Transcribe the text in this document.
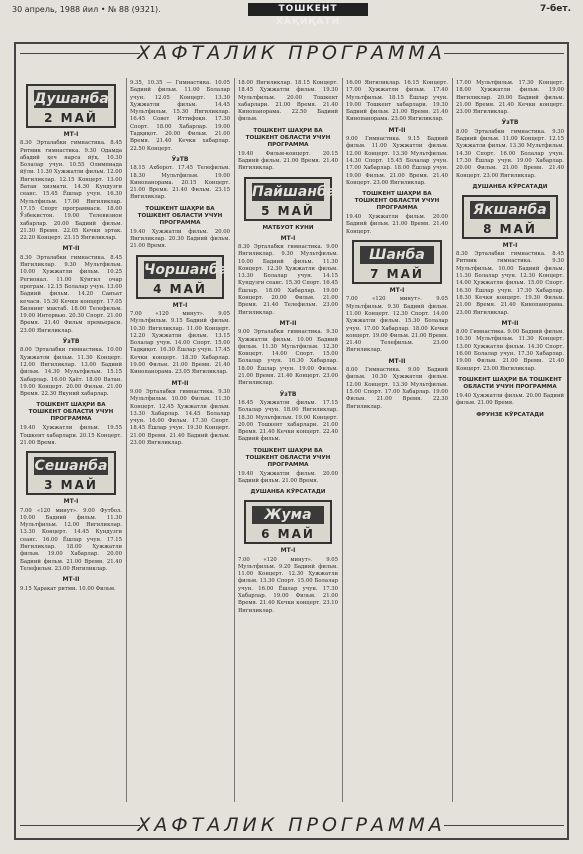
30 апрель, 1988 йил • № 88 (9321).	ТОШКЕНТ ХАҚИҚАТИ
7-бет.
ХАФТАЛИК ПРОГРАММА
ХАФТАЛИК ПРОГРАММА
Душанба
2 МАЙ
МТ-I

8.30 Эрталабки гимнастика. 8.45 Ритмик гимнастика. 9.30 Одамда абадий ҳеч нарса йўқ. 10.30 Болалар учун. 10.55 Олимпиада йўли. 11.30 Хужжатли фильм. 12.00 Янгиликлар. 12.15 Концерт. 13.00 Ватан хизмати. 14.30 Кундузги сеанс. 15.45 Ёшлар учун. 16.30 Мультфильм. 17.00 Янгиликлар. 17.15 Спорт программаси. 18.00 Ўзбекистон. 19.00 Телевизион хабарлар. 20.00 Бадиий фильм. 21.30 Время. 22.05 Кечки эртак. 22.20 Концерт. 23.15 Янгиликлар.

МТ-II

8.30 Эрталабки гимнастика. 8.45 Янгиликлар. 9.30 Мультфильм. 10.00 Хужжатли фильм. 10.25 Регионал. 11.00 Кўнгил очар програм. 12.15 Болалар учун. 13.00 Бадиий фильм. 14.20 Санъат кечаси. 15.30 Кечки концерт. 17.05 Бизнинг мактаб. 18.00 Телефильм. 19.00 Интервью. 20.30 Спорт. 21.00 Время. 21.40 Фильм премьераси. 23.00 Янгиликлар.

ЎзТВ

8.00 Эрталабки гимнастика. 10.00 Ҳужжатли фильм. 11.30 Концерт. 12.00 Янгиликлар. 13.00 Бадиий фильм. 14.30 Мультфильм. 15.15 Хабарлар. 16.00 Ҳаёт. 18.00 Ватан. 19.00 Концерт. 20.00 Фильм. 21.00 Время. 22.30 Якуний хабарлар.

ТОШКЕНТ ШАҲРИ ВА ТОШКЕНТ ОБЛАСТИ УЧУН ПРОГРАММА

19.40 Ҳужжатли фильм. 19.55 Тошкент хабарлари. 20.15 Концерт. 21.00 Время.

Сешанба
3 МАЙ
МТ-I

7.00 «120 минут». 9.00 Футбол. 10.00 Бадиий фильм. 11.30 Мультфильм. 12.00 Янгиликлар. 13.30 Концерт. 14.45 Кундузги сеанс. 16.00 Ёшлар учун. 17.15 Янгиликлар. 18.00 Ҳужжатли фильм. 19.00 Хабарлар. 20.00 Бадиий фильм. 21.00 Время. 21.40 Телефильм. 23.00 Янгиликлар.

МТ-II

9.15 Ҳаракат ритми. 10.00 Фильм.

9.35, 10.35 — Гимнастика. 10.05 Бадиий фильм. 11.00 Болалар учун. 12.05 Концерт. 13.30 Ҳужжатли фильм. 14.45 Мультфильм. 15.30 Янгиликлар. 16.45 Совет Иттифоқи. 17.30 Спорт. 18.00 Хабарлар. 19.00 Тадқиқот. 20.00 Фильм. 21.00 Время. 21.40 Кечки хабарлар. 22.50 Концерт.

ЎзТВ

18.15 Ахборот. 17.45 Телефильм. 18.30 Мультфильм. 19.00 Кинопанорама. 20.15 Концерт. 21.00 Время. 21.40 Фильм. 23.15 Янгиликлар.

ТОШКЕНТ ШАҲРИ ВА ТОШКЕНТ ОБЛАСТИ УЧУН ПРОГРАММА

19.40 Ҳужжатли фильм. 20.00 Янгиликлар. 20.30 Бадиий фильм. 21.00 Время.

Чоршанба
4 МАЙ
МТ-I

7.00 «120 минут». 9.05 Мультфильм. 9.15 Бадиий фильм. 10.30 Янгиликлар. 11.00 Концерт. 12.20 Ҳужжатли фильм. 13.15 Болалар учун. 14.00 Спорт. 15.00 Тадқиқот. 16.30 Ёшлар учун. 17.45 Кечки концерт. 18.30 Хабарлар. 19.00 Фильм. 21.00 Время. 21.40 Кинопанорама. 23.05 Янгиликлар.

МТ-II

9.00 Эрталабки гимнастика. 9.30 Мультфильм. 10.00 Фильм. 11.30 Концерт. 12.45 Ҳужжатли фильм. 13.30 Хабарлар. 14.45 Болалар учун. 16.00 Фильм. 17.30 Спорт. 18.45 Ёшлар учун. 19.30 Концерт. 21.00 Время. 21.40 Бадиий фильм. 23.00 Янгиликлар.

18.00 Янгиликлар. 18.15 Концерт. 18.45 Ҳужжатли фильм. 19.30 Мультфильм. 20.00 Тошкент хабарлари. 21.00 Время. 21.40 Кинопанорама. 22.50 Бадиий фильм.

ТОШКЕНТ ШАҲРИ ВА ТОШКЕНТ ОБЛАСТИ УЧУН ПРОГРАММА

19.40 Фильм-концерт. 20.15 Бадиий фильм. 21.00 Время. 21.40 Янгиликлар.

Пайшанба
5 МАЙ
МАТБУОТ КУНИ
МТ-I

8.30 Эрталабки гимнастика. 9.00 Янгиликлар. 9.30 Мультфильм. 10.00 Бадиий фильм. 11.30 Концерт. 12.30 Ҳужжатли фильм. 13.30 Болалар учун. 14.15 Кундузги сеанс. 15.30 Спорт. 16.45 Ёшлар. 18.00 Хабарлар. 19.00 Концерт. 20.00 Фильм. 21.00 Время. 21.40 Телефильм. 23.00 Янгиликлар.

МТ-II

9.00 Эрталабки гимнастика. 9.30 Ҳужжатли фильм. 10.00 Бадиий фильм. 11.30 Мультфильм. 12.30 Концерт. 14.00 Спорт. 15.00 Болалар учун. 16.30 Хабарлар. 18.00 Ёшлар учун. 19.00 Фильм. 21.00 Время. 21.40 Концерт. 23.00 Янгиликлар.

ЎзТВ

16.45 Хужжатли фильм. 17.15 Болалар учун. 18.00 Янгиликлар. 18.30 Мультфильм. 19.00 Концерт. 20.00 Тошкент хабарлари. 21.00 Время. 21.40 Кечки концерт. 22.40 Бадиий фильм.

ТОШКЕНТ ШАҲРИ ВА ТОШКЕНТ ОБЛАСТИ УЧУН ПРОГРАММА

19.40 Ҳужжатли фильм. 20.00 Бадиий фильм. 21.00 Время.

ДУШАНБА КЎРСАТАДИ
Жума
6 МАЙ
МТ-I

7.00 «120 минут». 9.05 Мультфильм. 9.20 Бадиий фильм. 11.00 Концерт. 12.30 Ҳужжатли фильм. 13.30 Спорт. 15.00 Болалар учун. 16.00 Ёшлар учун. 17.30 Хабарлар. 19.00 Фильм. 21.00 Время. 21.40 Кечки концерт. 23.10 Янгиликлар.

16.00 Янгиликлар. 16.15 Концерт. 17.00 Ҳужжатли фильм. 17.40 Мультфильм. 18.15 Ёшлар учун. 19.00 Тошкент хабарлари. 19.30 Бадиий фильм. 21.00 Время. 21.40 Кинопанорама. 23.00 Янгиликлар.

МТ-II

9.00 Гимнастика. 9.15 Бадиий фильм. 11.00 Ҳужжатли фильм. 12.00 Концерт. 13.30 Мультфильм. 14.30 Спорт. 15.45 Болалар учун. 17.00 Хабарлар. 18.00 Ёшлар учун. 19.00 Фильм. 21.00 Время. 21.40 Концерт. 23.00 Янгиликлар.

ТОШКЕНТ ШАҲРИ ВА ТОШКЕНТ ОБЛАСТИ УЧУН ПРОГРАММА

19.40 Ҳужжатли фильм. 20.00 Бадиий фильм. 21.00 Время. 21.40 Концерт.

Шанба
7 МАЙ
МТ-I

7.00 «120 минут». 9.05 Мультфильм. 9.30 Бадиий фильм. 11.00 Концерт. 12.30 Спорт. 14.00 Ҳужжатли фильм. 15.30 Болалар учун. 17.00 Хабарлар. 18.00 Кечки концерт. 19.00 Фильм. 21.00 Время. 21.40 Телефильм. 23.00 Янгиликлар.

МТ-II

8.00 Гимнастика. 9.00 Бадиий фильм. 10.30 Ҳужжатли фильм. 12.00 Концерт. 13.30 Мультфильм. 15.00 Спорт. 17.00 Хабарлар. 19.00 Фильм. 21.00 Время. 22.30 Янгиликлар.

17.00 Мультфильм. 17.30 Концерт. 18.00 Ҳужжатли фильм. 19.00 Янгиликлар. 20.00 Бадиий фильм. 21.00 Время. 21.40 Кечки концерт. 23.00 Янгиликлар.

ЎзТВ

8.00 Эрталабки гимнастика. 9.30 Бадиий фильм. 11.00 Концерт. 12.15 Ҳужжатли фильм. 13.30 Мультфильм. 14.30 Спорт. 16.00 Болалар учун. 17.30 Ёшлар учун. 19.00 Хабарлар. 20.00 Фильм. 21.00 Время. 21.40 Концерт. 23.00 Янгиликлар.

ДУШАНБА КЎРСАТАДИ
Якшанба
8 МАЙ
МТ-I

8.30 Эрталабки гимнастика. 8.45 Ритмик гимнастика. 9.30 Мультфильм. 10.00 Бадиий фильм. 11.30 Болалар учун. 12.30 Концерт. 14.00 Ҳужжатли фильм. 15.00 Спорт. 16.30 Ёшлар учун. 17.30 Хабарлар. 18.30 Кечки концерт. 19.30 Фильм. 21.00 Время. 21.40 Кинопанорама. 23.00 Янгиликлар.

МТ-II

8.00 Гимнастика. 9.00 Бадиий фильм. 10.30 Мультфильм. 11.30 Концерт. 13.00 Ҳужжатли фильм. 14.30 Спорт. 16.00 Болалар учун. 17.30 Хабарлар. 19.00 Фильм. 21.00 Время. 21.40 Концерт. 23.00 Янгиликлар.

ТОШКЕНТ ШАҲРИ ВА ТОШКЕНТ ОБЛАСТИ УЧУН ПРОГРАММА

19.40 Ҳужжатли фильм. 20.00 Бадиий фильм. 21.00 Время.

ФРУНЗЕ КЎРСАТАДИ
